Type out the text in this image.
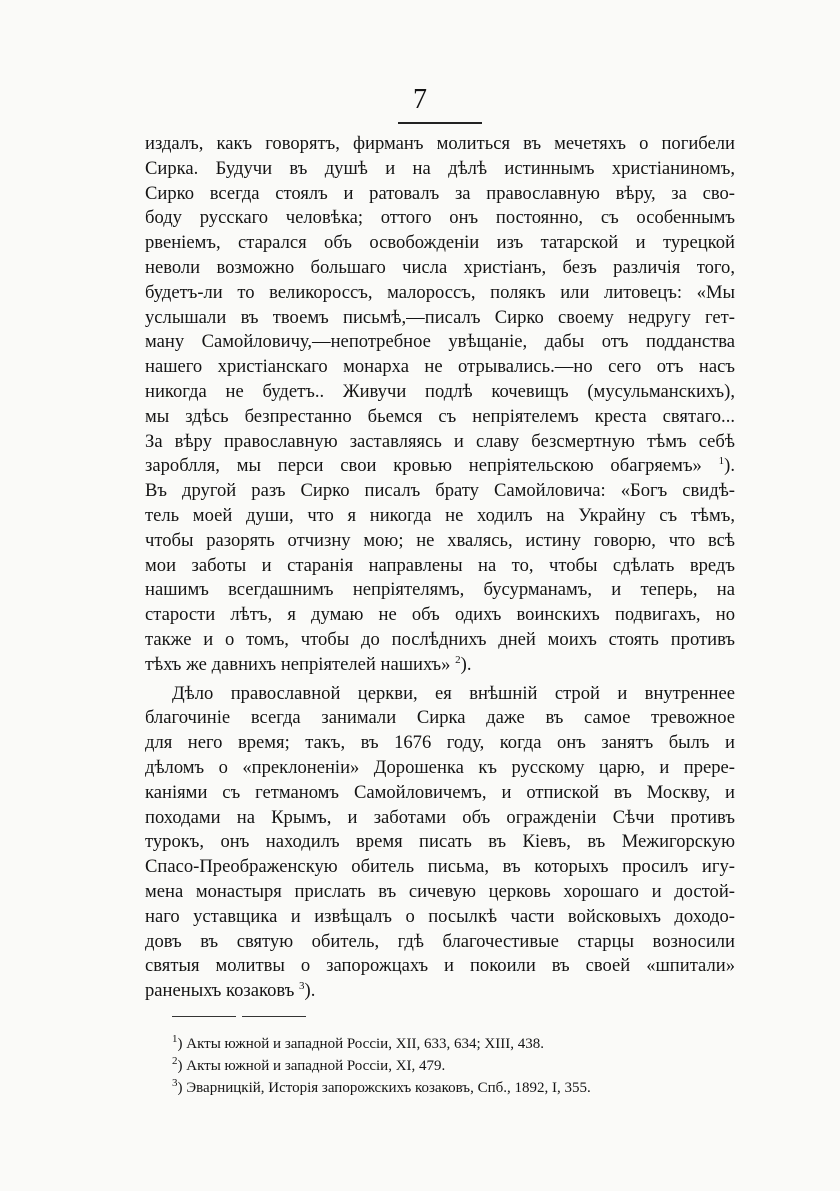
7
издалъ, какъ говорятъ, фирманъ молиться въ мечетяхъ о погибели
Сирка. Будучи въ душѣ и на дѣлѣ истиннымъ христіаниномъ,
Сирко всегда стоялъ и ратовалъ за православную вѣру, за сво-
боду русскаго человѣка; оттого онъ постоянно, съ особеннымъ
рвеніемъ, старался объ освобожденіи изъ татарской и турецкой
неволи возможно большаго числа христіанъ, безъ различія того,
будетъ-ли то великороссъ, малороссъ, полякъ или литовецъ: «Мы
услышали въ твоемъ письмѣ,—писалъ Сирко своему недругу гет-
ману Самойловичу,—непотребное увѣщаніе, дабы отъ подданства
нашего христіанскаго монарха не отрывались.—но сего отъ насъ
никогда не будетъ.. Живучи подлѣ кочевищъ (мусульманскихъ),
мы здѣсь безпрестанно бьемся съ непріятелемъ креста святаго...
За вѣру православную заставляясь и славу безсмертную тѣмъ себѣ
зароблля, мы перси свои кровью непріятельскою обагряемъ» $^1$).
Въ другой разъ Сирко писалъ брату Самойловича: «Богъ свидѣ-
тель моей души, что я никогда не ходилъ на Украйну съ тѣмъ,
чтобы разорять отчизну мою; не хвалясь, истину говорю, что всѣ
мои заботы и старанія направлены на то, чтобы сдѣлать вредъ
нашимъ всегдашнимъ непріятелямъ, бусурманамъ, и теперь, на
старости лѣтъ, я думаю не объ одихъ воинскихъ подвигахъ, но
также и о томъ, чтобы до послѣднихъ дней моихъ стоять противъ
тѣхъ же давнихъ непріятелей нашихъ» $^2$).
Дѣло православной церкви, ея внѣшній строй и внутреннее
благочиніе всегда занимали Сирка даже въ самое тревожное
для него время; такъ, въ 1676 году, когда онъ занятъ былъ и
дѣломъ о «преклоненіи» Дорошенка къ русскому царю, и прере-
каніями съ гетманомъ Самойловичемъ, и отпиской въ Москву, и
походами на Крымъ, и заботами объ огражденіи Сѣчи противъ
турокъ, онъ находилъ время писать въ Кіевъ, въ Межигорскую
Спасо-Преображенскую обитель письма, въ которыхъ просилъ игу-
мена монастыря прислать въ сичевую церковь хорошаго и достой-
наго уставщика и извѣщалъ о посылкѣ части войсковыхъ доходо-
довъ въ святую обитель, гдѣ благочестивые старцы возносили
святыя молитвы о запорожцахъ и покоили въ своей «шпитали»
раненыхъ козаковъ $^3$).
$^1$) Акты южной и западной Россіи, XII, 633, 634; XIII, 438.
$^2$) Акты южной и западной Россіи, XI, 479.
$^3$) Эварницкій, Исторія запорожскихъ козаковъ, Спб., 1892, I, 355.
